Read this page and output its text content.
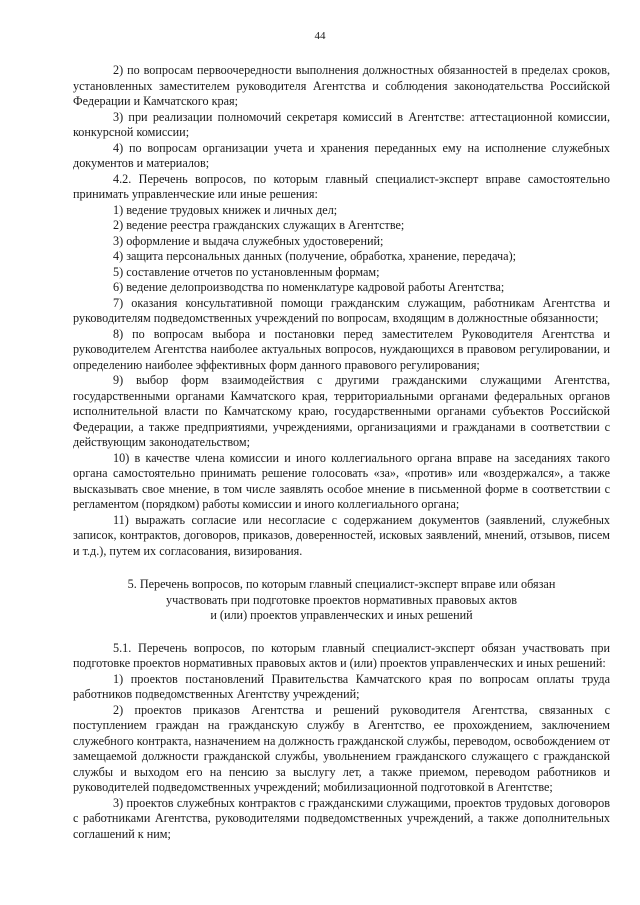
44

2) по вопросам первоочередности выполнения должностных обязанностей в пределах сроков, установленных заместителем руководителя Агентства и соблюдения законодательства Российской Федерации и Камчатского края;

3) при реализации полномочий секретаря комиссий в Агентстве: аттестационной комиссии, конкурсной комиссии;

4) по вопросам организации учета и хранения переданных ему на исполнение служебных документов и материалов;

4.2. Перечень вопросов, по которым главный специалист-эксперт вправе самостоятельно принимать управленческие или иные решения:

1) ведение трудовых книжек и личных дел;

2) ведение реестра гражданских служащих в Агентстве;

3) оформление и выдача служебных удостоверений;

4) защита персональных данных (получение, обработка, хранение, передача);

5) составление отчетов по установленным формам;

6) ведение делопроизводства по номенклатуре кадровой работы Агентства;

7) оказания консультативной помощи гражданским служащим, работникам Агентства и руководителям подведомственных учреждений по вопросам, входящим в должностные обязанности;

8) по вопросам выбора и постановки перед заместителем Руководителя Агентства и руководителем Агентства наиболее актуальных вопросов, нуждающихся в правовом регулировании, и определению наиболее эффективных форм данного правового регулирования;

9) выбор форм взаимодействия с другими гражданскими служащими Агентства, государственными органами Камчатского края, территориальными органами федеральных органов исполнительной власти по Камчатскому краю, государственными органами субъектов Российской Федерации, а также предприятиями, учреждениями, организациями и гражданами в соответствии с действующим законодательством;

10) в качестве члена комиссии и иного коллегиального органа вправе на заседаниях такого органа самостоятельно принимать решение голосовать «за», «против» или «воздержался», а также высказывать свое мнение, в том числе заявлять особое мнение в письменной форме в соответствии с регламентом (порядком) работы комиссии и иного коллегиального органа;

11) выражать согласие или несогласие с содержанием документов (заявлений, служебных записок, контрактов, договоров, приказов, доверенностей, исковых заявлений, мнений, отзывов, писем и т.д.), путем их согласования, визирования.

5. Перечень вопросов, по которым главный специалист-эксперт вправе или обязан
участвовать при подготовке проектов нормативных правовых актов
и (или) проектов управленческих и иных решений

5.1. Перечень вопросов, по которым главный специалист-эксперт обязан участвовать при подготовке проектов нормативных правовых актов и (или) проектов управленческих и иных решений:

1) проектов постановлений Правительства Камчатского края по вопросам оплаты труда работников подведомственных Агентству учреждений;

2) проектов приказов Агентства и решений руководителя Агентства, связанных с поступлением граждан на гражданскую службу в Агентство, ее прохождением, заключением служебного контракта, назначением на должность гражданской службы, переводом, освобождением от замещаемой должности гражданской службы, увольнением гражданского служащего с гражданской службы и выходом его на пенсию за выслугу лет, а также приемом, переводом работников и руководителей подведомственных учреждений; мобилизационной подготовкой в Агентстве;

3) проектов служебных контрактов с гражданскими служащими, проектов трудовых договоров с работниками Агентства, руководителями подведомственных учреждений, а также дополнительных соглашений к ним;
